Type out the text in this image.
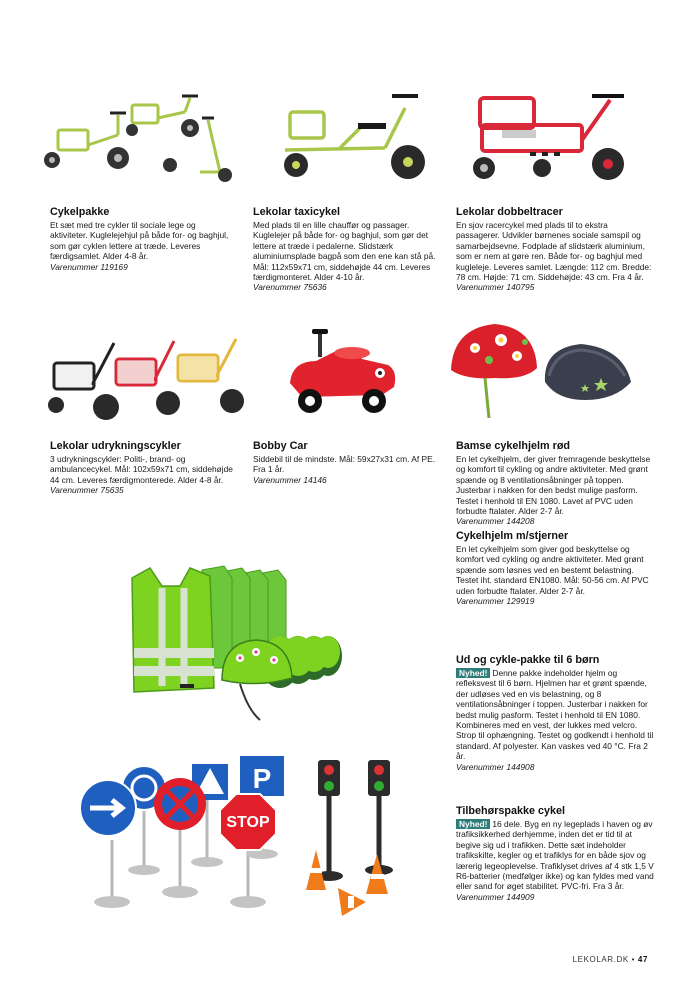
Cykelpakke

Et sæt med tre cykler til sociale lege og aktiviteter. Kuglelejehjul på både for- og baghjul, som gør cyklen lettere at træde. Leveres færdigsamlet. Alder 4-8 år.

Varenummer 119169

Lekolar taxicykel

Med plads til en lille chauffør og passager. Kuglelejer på både for- og baghjul, som gør det lettere at træde i pedalerne. Slidstærk aluminiumsplade bagpå som den ene kan stå på. Mål: 112x59x71 cm, siddehøjde 44 cm. Leveres færdigmonteret. Alder 4-10 år.

Varenummer 75636

Lekolar dobbeltracer

En sjov racercykel med plads til to ekstra passagerer. Udvikler børnenes sociale samspil og samarbejdsevne. Fodplade af slidstærk aluminium, som er nem at gøre ren. Både for- og baghjul med kugleleje. Leveres samlet. Længde: 112 cm. Bredde: 78 cm. Højde: 71 cm. Siddehøjde: 43 cm. Fra 4 år.

Varenummer 140795

Lekolar udrykningscykler

3 udrykningscykler: Politi-, brand- og ambulancecykel. Mål: 102x59x71 cm, siddehøjde 44 cm. Leveres færdigmonterede. Alder 4-8 år.

Varenummer 75635

Bobby Car

Siddebil til de mindste. Mål: 59x27x31 cm. Af PE. Fra 1 år.

Varenummer 14146

Bamse cykelhjelm rød

En let cykelhjelm, der giver fremragende beskyttelse og komfort til cykling og andre aktiviteter. Med grønt spænde og 8 ventilationsåbninger på toppen. Justerbar i nakken for den bedst mulige pasform. Testet i henhold til EN 1080. Lavet af PVC uden forbudte ftalater. Alder 2-7 år.

Varenummer 144208

Cykelhjelm m/stjerner

En let cykelhjelm som giver god beskyttelse og komfort ved cykling og andre aktiviteter. Med grønt spænde som løsnes ved en bestemt belastning. Testet iht. standard EN1080. Mål: 50-56 cm. Af PVC uden forbudte ftalater. Alder 2-7 år.

Varenummer 129919

Ud og cykle-pakke til 6 børn

Nyhed! Denne pakke indeholder hjelm og refleksvest til 6 børn. Hjelmen har et grønt spænde, der udløses ved en vis belastning, og 8 ventilationsåbninger i toppen. Justerbar i nakken for bedst mulig pasform. Testet i henhold til EN 1080. Kombineres med en vest, der lukkes med velcro. Strop til ophængning. Testet og godkendt i henhold til standard. Af polyester. Kan vaskes ved 40 °C. Fra 2 år.

Varenummer 144908

P
STOP
Tilbehørspakke cykel

Nyhed! 16 dele. Byg en ny legeplads i haven og øv trafiksikkerhed derhjemme, inden det er tid til at begive sig ud i trafikken. Dette sæt indeholder trafikskilte, kegler og et trafiklys for en både sjov og lærerig legeoplevelse. Trafiklyset drives af 4 stk 1,5 V R6-batterier (medfølger ikke) og kan fyldes med vand eller sand for øget stabilitet. PVC-fri. Fra 3 år.

Varenummer 144909

LEKOLAR.DK • 47
